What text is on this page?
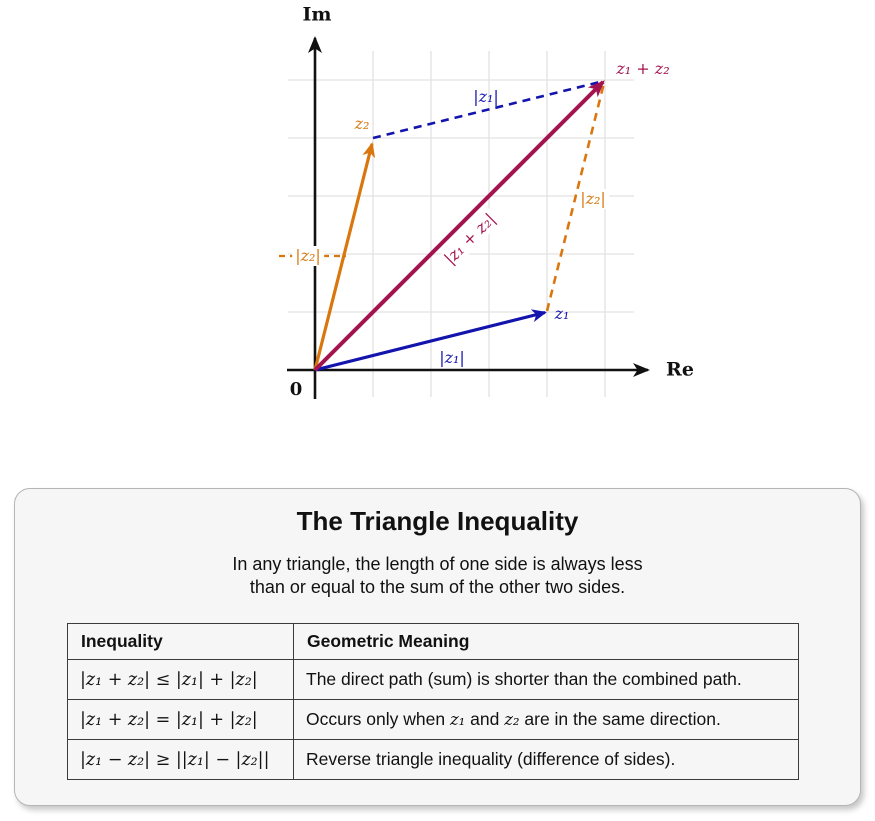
Im
Re
0
z₂
z₁
z₁ + z₂
|z₁|
|z₁|
|z₂|
|z₂|
|z₁ + z₂|
The Triangle Inequality
In any triangle, the length of one side is always less
than or equal to the sum of the other two sides.
Inequality	Geometric Meaning
|z₁ + z₂| ≤ |z₁| + |z₂|	The direct path (sum) is shorter than the combined path.
|z₁ + z₂| = |z₁| + |z₂|	Occurs only when z₁ and z₂ are in the same direction.
|z₁ − z₂| ≥ ||z₁| − |z₂||	Reverse triangle inequality (difference of sides).
